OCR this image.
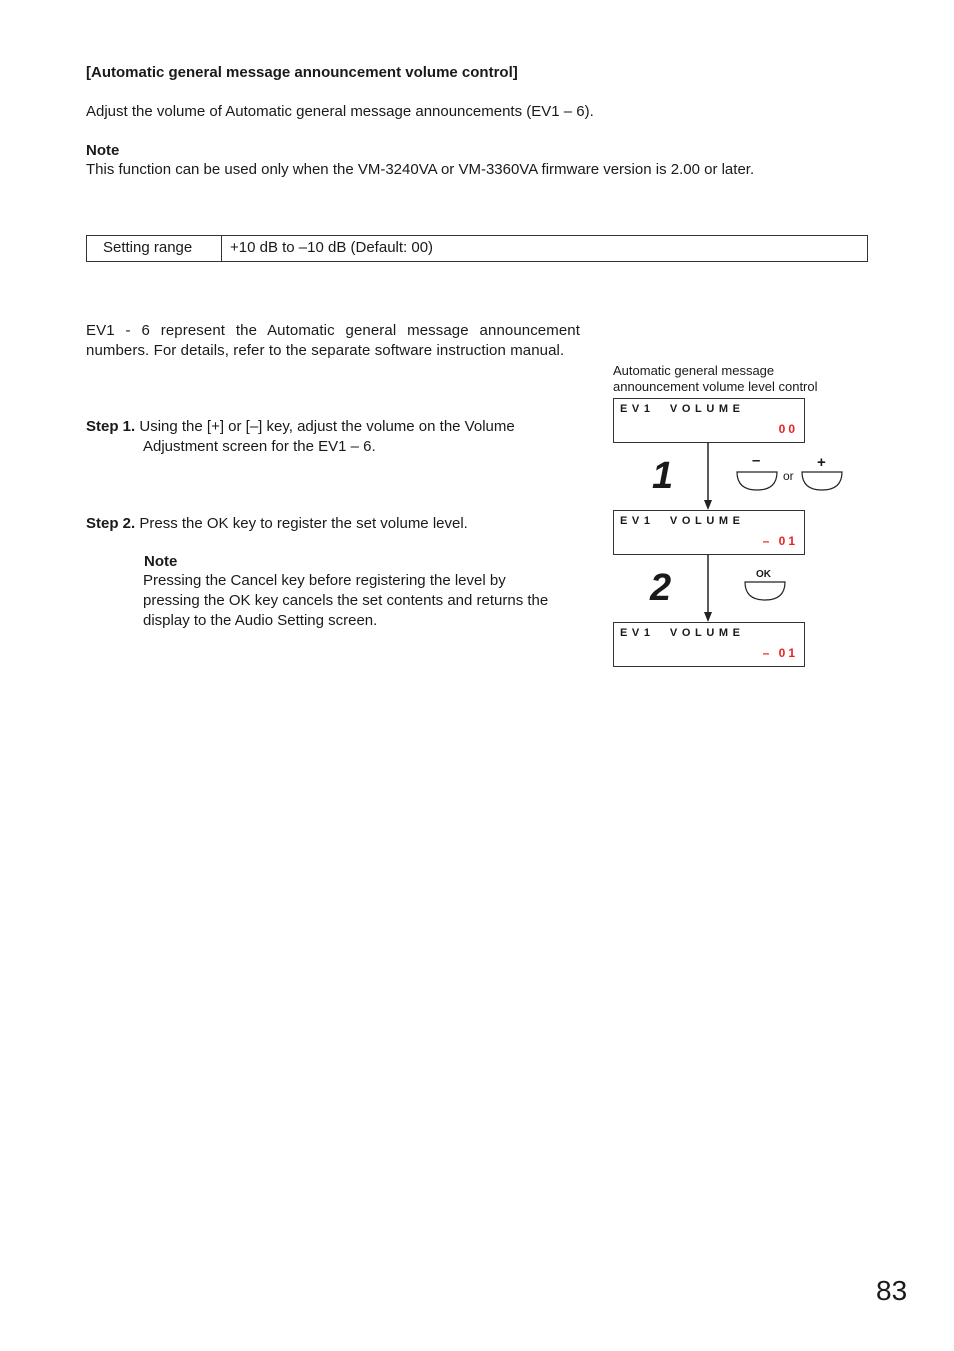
[Automatic general message announcement volume control]
Adjust the volume of Automatic general message announcements (EV1 – 6).
Note
This function can be used only when the VM-3240VA or VM-3360VA firmware version is 2.00 or later.
Setting range	+10 dB to –10 dB (Default: 00)
EV1 - 6 represent the Automatic general message announcement numbers. For details, refer to the separate software instruction manual.
Step 1. Using the [+] or [–] key, adjust the volume on the Volume
Adjustment screen for the EV1 – 6.
Step 2. Press the OK key to register the set volume level.
Note
Pressing the Cancel key before registering the level by
pressing the OK key cancels the set contents and returns the
display to the Audio Setting screen.
Automatic general message
announcement volume level control
EV1  VOLUME
00
EV1  VOLUME
– 01
EV1  VOLUME
– 01
1
2
–
or
+
OK
83
